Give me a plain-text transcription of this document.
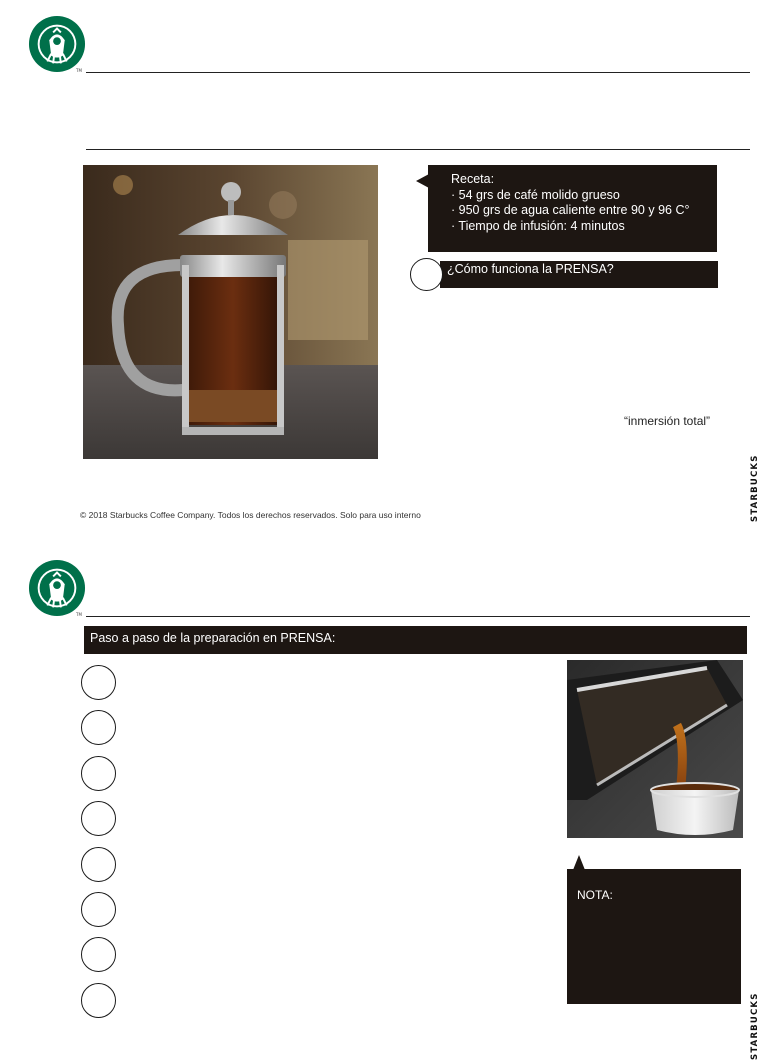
TM
Receta:
· 54 grs de café molido grueso
· 950 grs de agua caliente entre 90 y 96 C°
· Tiempo de infusión: 4 minutos
¿Cómo funciona la PRENSA?
“inmersión total”
© 2018 Starbucks Coffee Company. Todos los derechos reservados. Solo para uso interno	STARBUCKS
TM
Paso a paso de la preparación en PRENSA:
NOTA:
STARBUCKS
